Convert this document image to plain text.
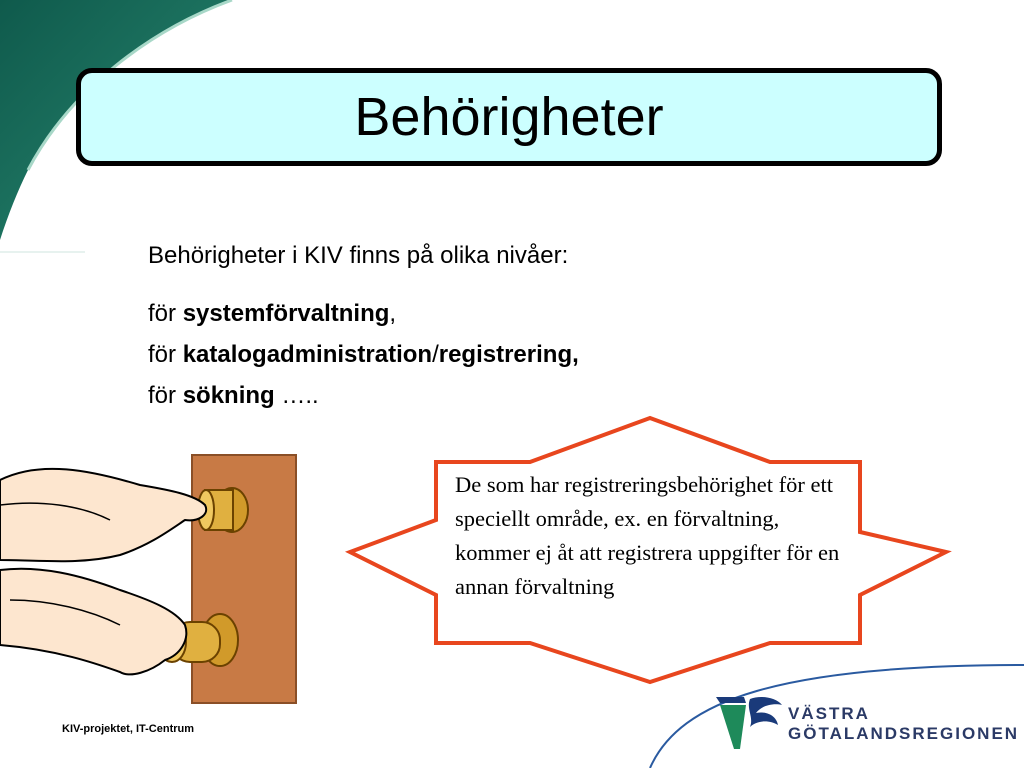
Behörigheter
Behörigheter i KIV finns på olika nivåer:
för systemförvaltning,
för katalogadministration/registrering,
för sökning …..
De som har registreringsbehörighet för ett speciellt område, ex. en förvaltning, kommer ej åt att registrera uppgifter för en annan förvaltning
VÄSTRA
GÖTALANDSREGIONEN
KIV-projektet, IT-Centrum
